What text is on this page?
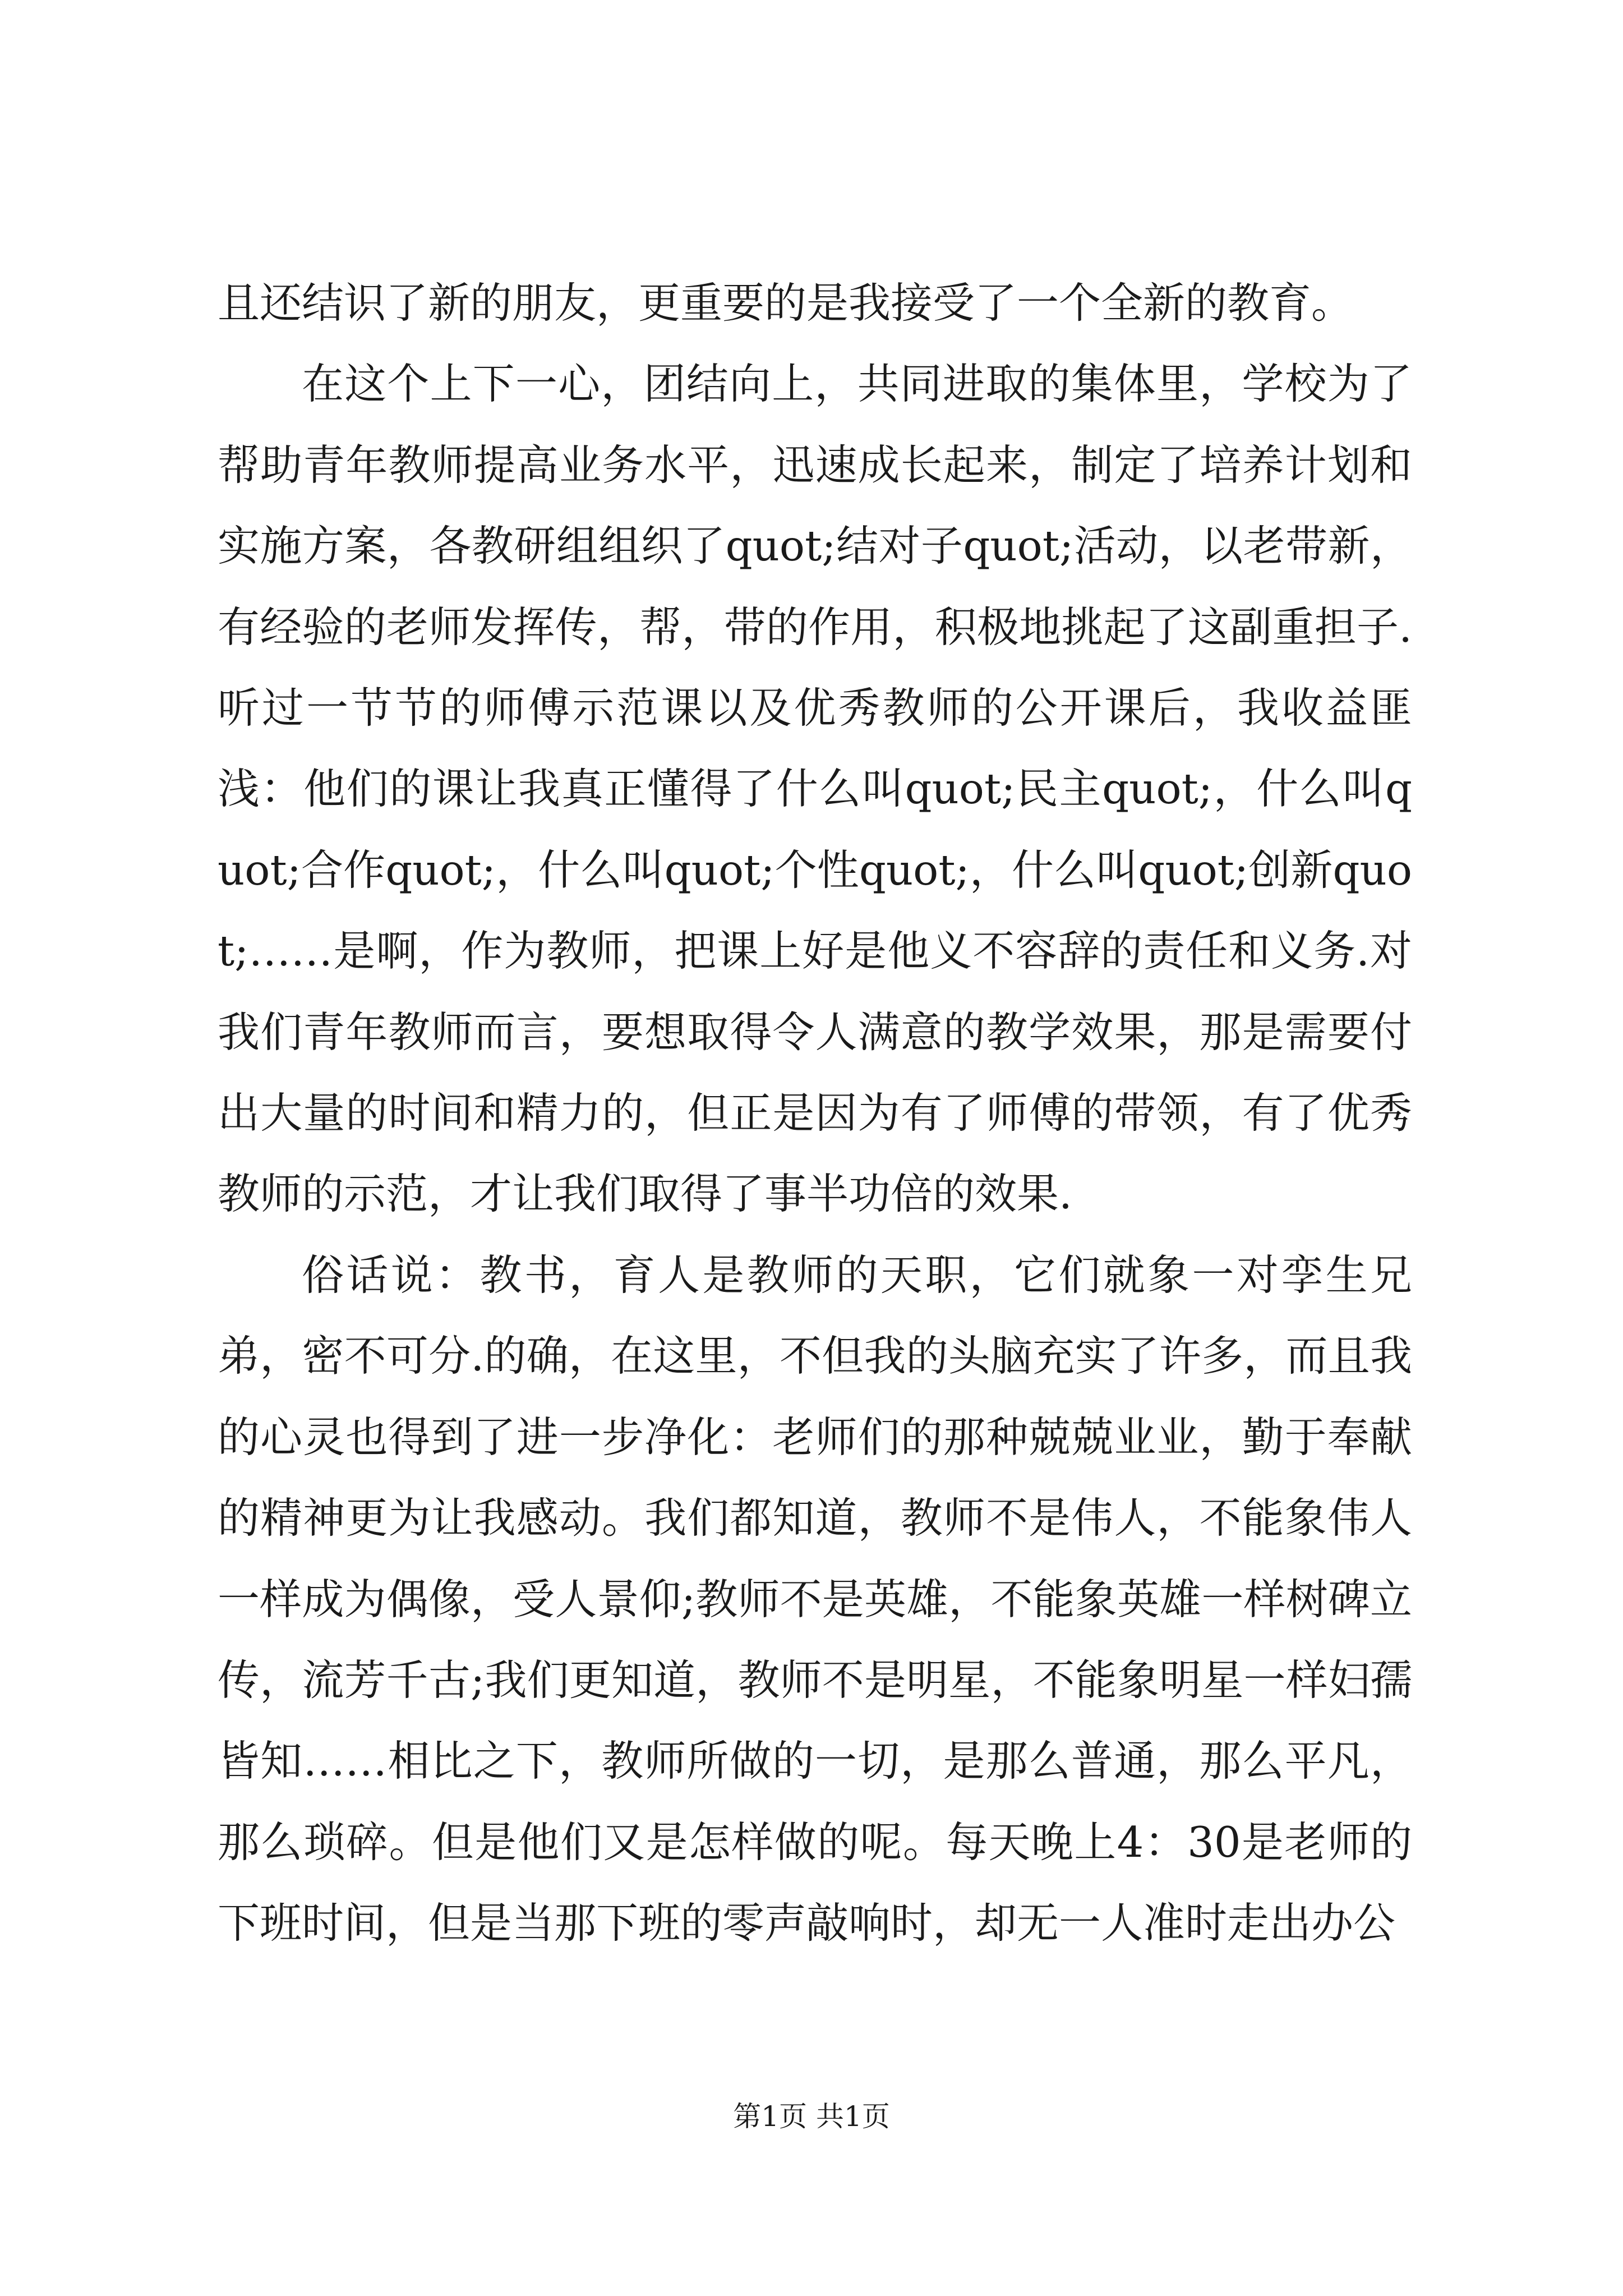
且还结识了新的朋友，更重要的是我接受了一个全新的教育。

在这个上下一心，团结向上，共同进取的集体里，学校为了帮助青年教师提高业务水平，迅速成长起来，制定了培养计划和实施方案，各教研组组织了quot;结对子quot;活动，以老带新，有经验的老师发挥传，帮，带的作用，积极地挑起了这副重担子.听过一节节的师傅示范课以及优秀教师的公开课后，我收益匪浅：他们的课让我真正懂得了什么叫quot;民主quot;，什么叫quot;合作quot;，什么叫quot;个性quot;，什么叫quot;创新quot;……是啊，作为教师，把课上好是他义不容辞的责任和义务.对我们青年教师而言，要想取得令人满意的教学效果，那是需要付出大量的时间和精力的，但正是因为有了师傅的带领，有了优秀教师的示范，才让我们取得了事半功倍的效果.

俗话说：教书，育人是教师的天职，它们就象一对孪生兄弟，密不可分.的确，在这里，不但我的头脑充实了许多，而且我的心灵也得到了进一步净化：老师们的那种兢兢业业，勤于奉献的精神更为让我感动。我们都知道，教师不是伟人，不能象伟人一样成为偶像，受人景仰;教师不是英雄，不能象英雄一样树碑立传，流芳千古;我们更知道，教师不是明星，不能象明星一样妇孺皆知……相比之下，教师所做的一切，是那么普通，那么平凡，那么琐碎。但是他们又是怎样做的呢。每天晚上4：30是老师的下班时间，但是当那下班的零声敲响时，却无一人准时走出办公

第1页 共1页
